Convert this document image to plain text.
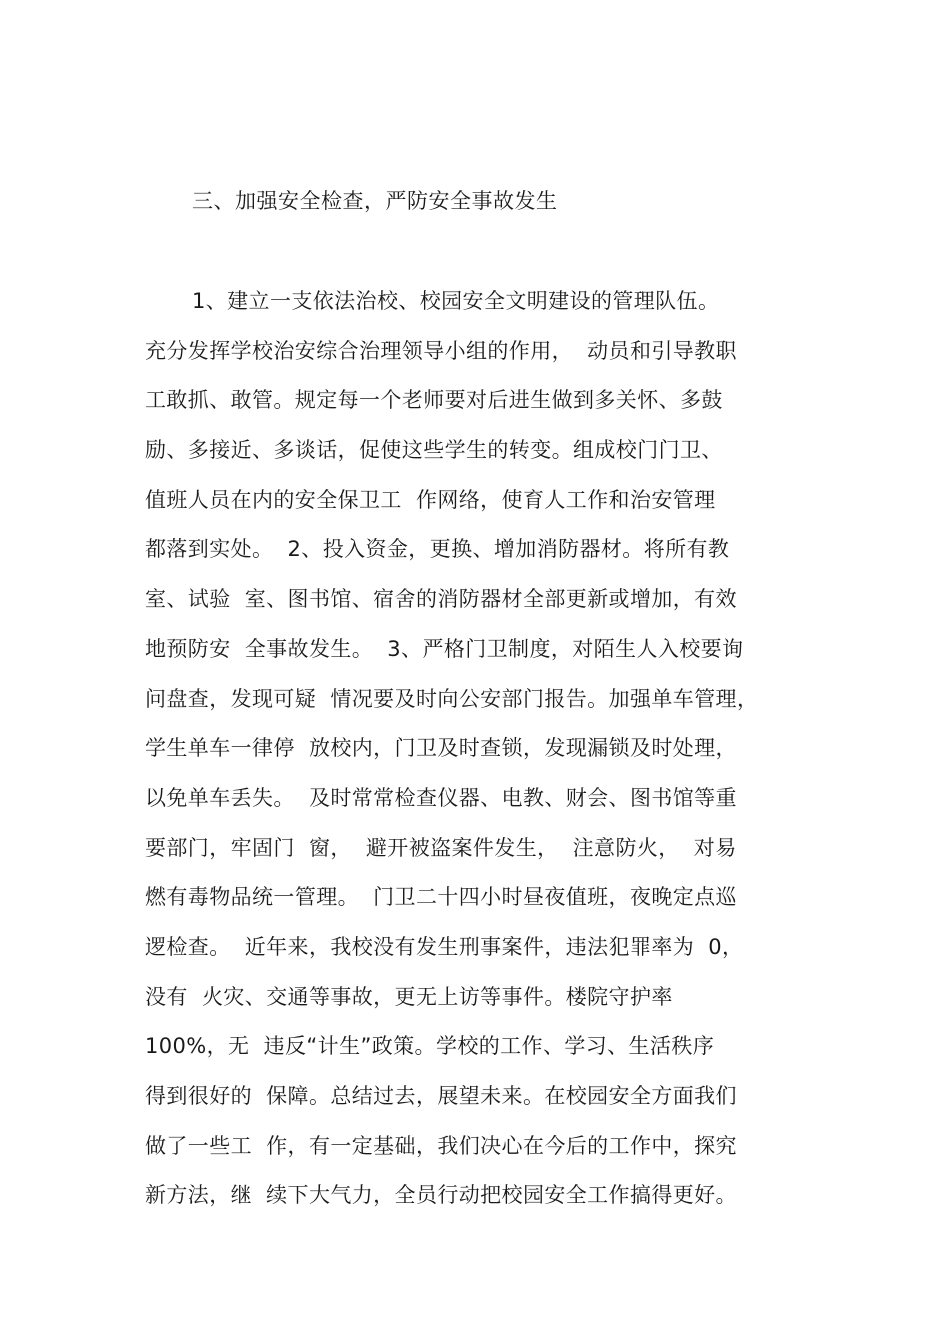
三、加强安全检查，严防安全事故发生
1、建立一支依法治校、校园安全文明建设的管理队伍。
充分发挥学校治安综合治理领导小组的作用，  动员和引导教职
工敢抓、敢管。规定每一个老师要对后进生做到多关怀、多鼓
励、多接近、多谈话，促使这些学生的转变。组成校门门卫、
值班人员在内的安全保卫工  作网络，使育人工作和治安管理
都落到实处。  2、投入资金，更换、增加消防器材。将所有教
室、试验  室、图书馆、宿舍的消防器材全部更新或增加，有效
地预防安  全事故发生。  3、严格门卫制度，对陌生人入校要询
问盘查，发现可疑  情况要及时向公安部门报告。加强单车管理，
学生单车一律停  放校内，门卫及时查锁，发现漏锁及时处理，
以免单车丢失。  及时常常检查仪器、电教、财会、图书馆等重
要部门，牢固门  窗，  避开被盗案件发生，  注意防火，  对易
燃有毒物品统一管理。  门卫二十四小时昼夜值班，夜晚定点巡
逻检查。  近年来，我校没有发生刑事案件，违法犯罪率为  0，
没有  火灾、交通等事故，更无上访等事件。楼院守护率
100%，无  违反“计生”政策。学校的工作、学习、生活秩序
得到很好的  保障。总结过去，展望未来。在校园安全方面我们
做了一些工  作，有一定基础，我们决心在今后的工作中，探究
新方法，继  续下大气力，全员行动把校园安全工作搞得更好。
